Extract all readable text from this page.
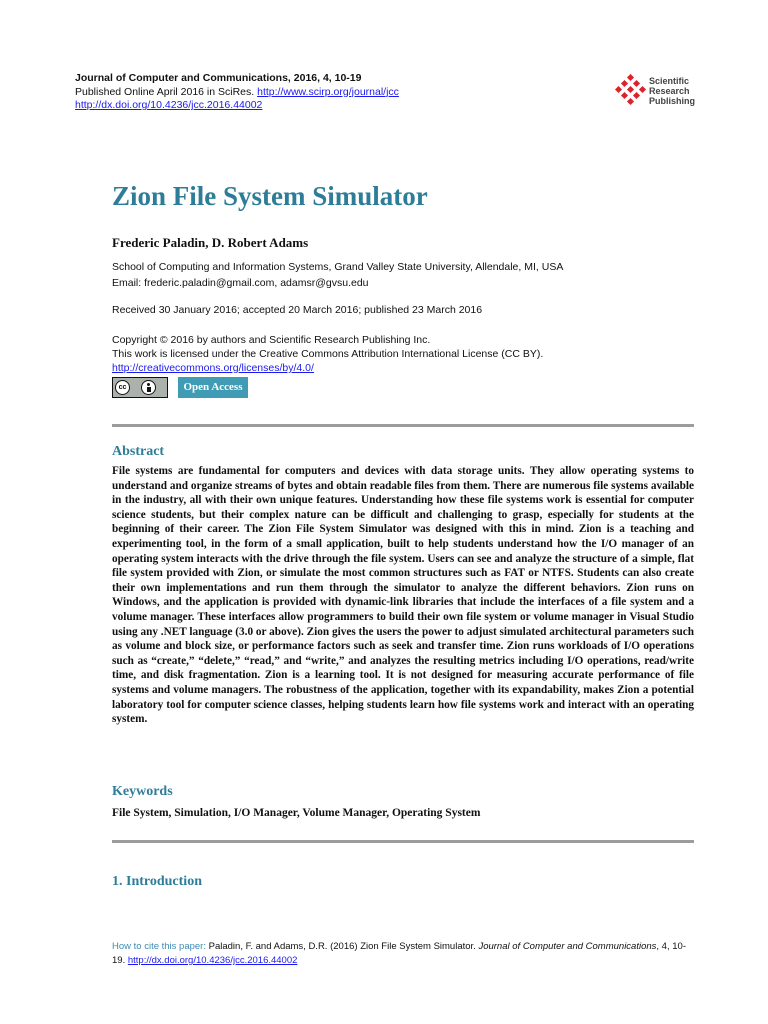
Journal of Computer and Communications, 2016, 4, 10-19
Published Online April 2016 in SciRes. http://www.scirp.org/journal/jcc
http://dx.doi.org/10.4236/jcc.2016.44002
Scientific
Research
Publishing
Zion File System Simulator
Frederic Paladin, D. Robert Adams
School of Computing and Information Systems, Grand Valley State University, Allendale, MI, USA
Email: frederic.paladin@gmail.com, adamsr@gvsu.edu
Received 30 January 2016; accepted 20 March 2016; published 23 March 2016
Copyright © 2016 by authors and Scientific Research Publishing Inc.
This work is licensed under the Creative Commons Attribution International License (CC BY).
http://creativecommons.org/licenses/by/4.0/
cc	Open Access
Abstract
File systems are fundamental for computers and devices with data storage units. They allow operating systems to understand and organize streams of bytes and obtain readable files from them. There are numerous file systems available in the industry, all with their own unique features. Understanding how these file systems work is essential for computer science students, but their complex nature can be difficult and challenging to grasp, especially for students at the beginning of their career. The Zion File System Simulator was designed with this in mind. Zion is a teaching and experimenting tool, in the form of a small application, built to help students understand how the I/O manager of an operating system interacts with the drive through the file system. Users can see and analyze the structure of a simple, flat file system provided with Zion, or simulate the most common structures such as FAT or NTFS. Students can also create their own implementations and run them through the simulator to analyze the different behaviors. Zion runs on Windows, and the application is provided with dynamic-link libraries that include the interfaces of a file system and a volume manager. These interfaces allow programmers to build their own file system or volume manager in Visual Studio using any .NET language (3.0 or above). Zion gives the users the power to adjust simulated architectural parameters such as volume and block size, or performance factors such as seek and transfer time. Zion runs workloads of I/O operations such as “create,” “delete,” “read,” and “write,” and analyzes the resulting metrics including I/O operations, read/write time, and disk fragmentation. Zion is a learning tool. It is not designed for measuring accurate performance of file systems and volume managers. The robustness of the application, together with its expandability, makes Zion a potential laboratory tool for computer science classes, helping students learn how file systems work and interact with an operating system.
Keywords
File System, Simulation, I/O Manager, Volume Manager, Operating System
1. Introduction
How to cite this paper: Paladin, F. and Adams, D.R. (2016) Zion File System Simulator. Journal of Computer and Communications, 4, 10-19. http://dx.doi.org/10.4236/jcc.2016.44002
